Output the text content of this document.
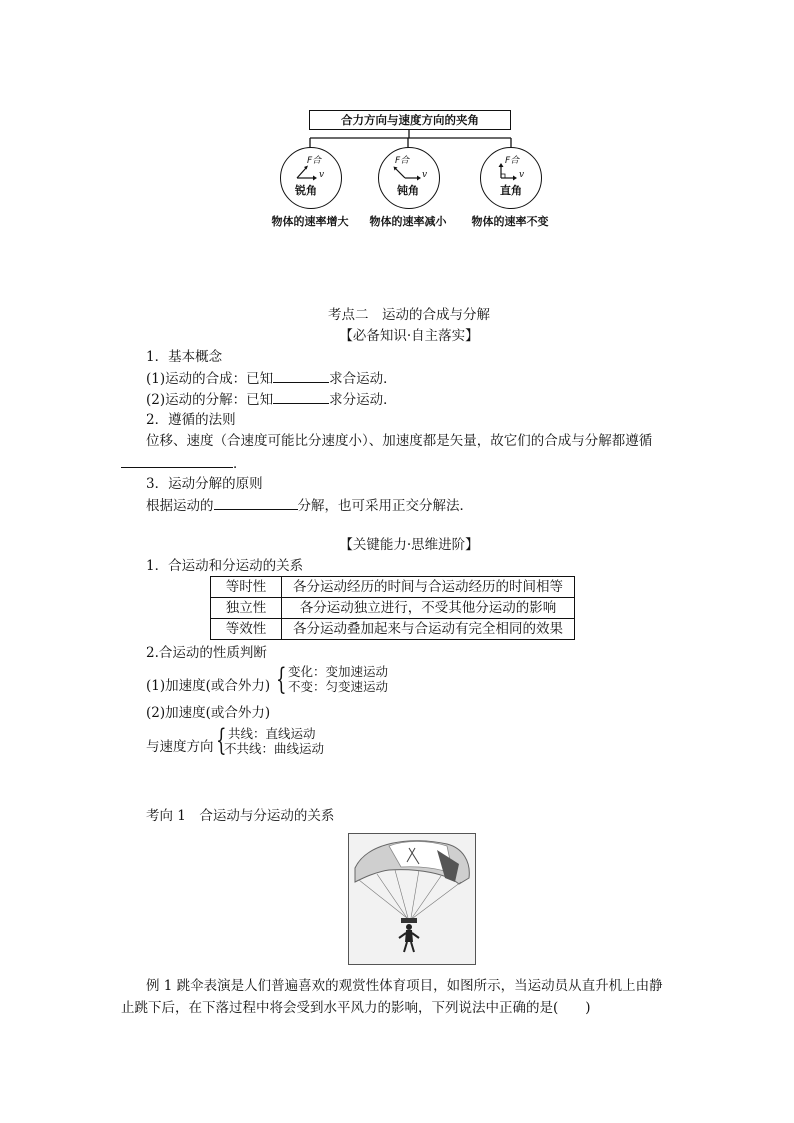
合力方向与速度方向的夹角
F合
v
锐角
物体的速率增大
F合
v
钝角
物体的速率减小
F合
v
直角
物体的速率不变
考点二　运动的合成与分解
【必备知识·自主落实】
1．基本概念
(1)运动的合成：已知	求合运动．
(2)运动的分解：已知	求分运动．
2．遵循的法则
位移、速度（合速度可能比分速度小）、加速度都是矢量，故它们的合成与分解都遵循
．
3．运动分解的原则
根据运动的	分解，也可采用正交分解法．
【关键能力·思维进阶】
1．合运动和分运动的关系
等时性	各分运动经历的时间与合运动经历的时间相等
独立性	各分运动独立进行，不受其他分运动的影响
等效性	各分运动叠加起来与合运动有完全相同的效果
2.合运动的性质判断
(1)加速度(或合外力) { 变化：变加速运动
不变：匀变速运动
(2)加速度(或合外力)
与速度方向 { 共线：直线运动
不共线：曲线运动
考向 1　合运动与分运动的关系
例 1 跳伞表演是人们普遍喜欢的观赏性体育项目，如图所示，当运动员从直升机上由静
止跳下后，在下落过程中将会受到水平风力的影响，下列说法中正确的是(　　)
